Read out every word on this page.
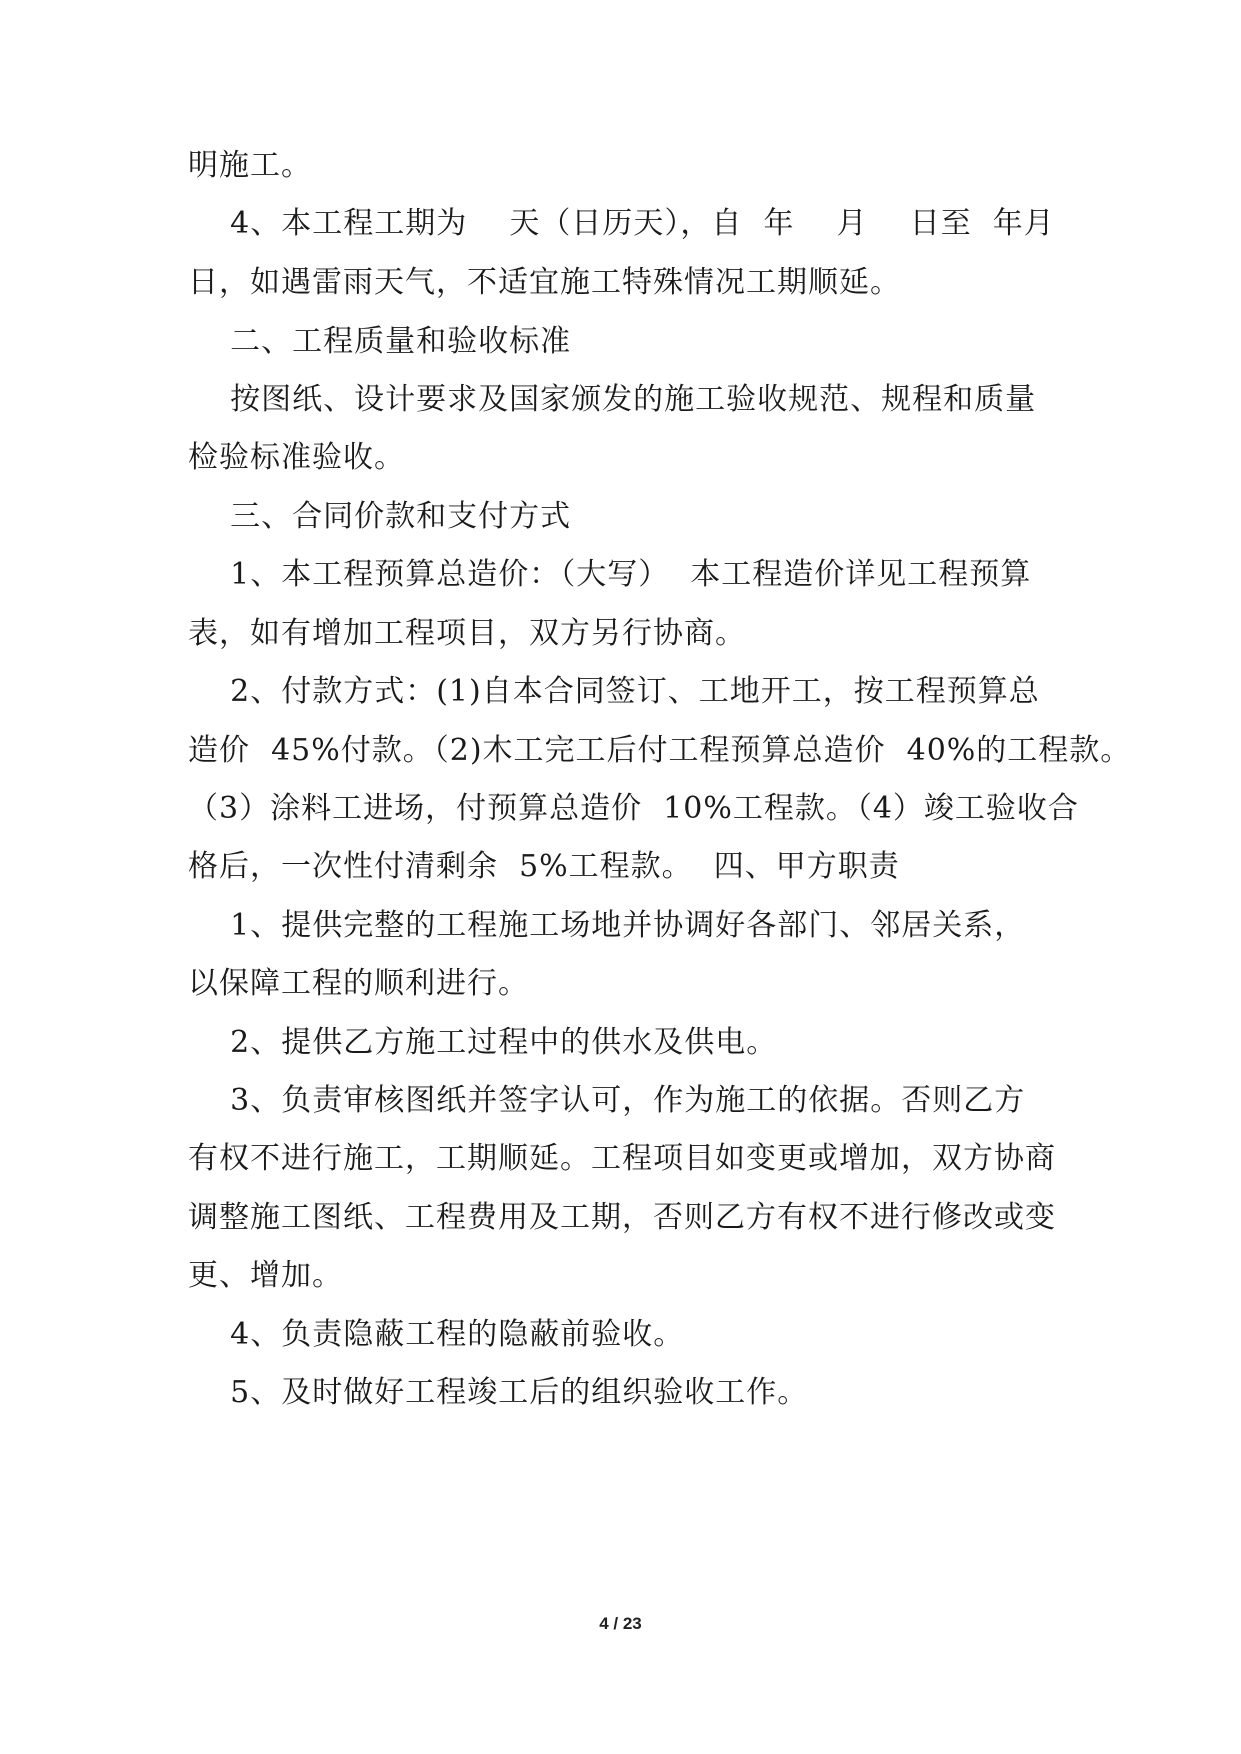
明施工。
4、本工程工期为    天（日历天），自  年    月    日至  年月
日，如遇雷雨天气，不适宜施工特殊情况工期顺延。
二、工程质量和验收标准
按图纸、设计要求及国家颁发的施工验收规范、规程和质量
检验标准验收。
三、合同价款和支付方式
1、本工程预算总造价：（大写）  本工程造价详见工程预算
表，如有增加工程项目，双方另行协商。
2、付款方式：(1)自本合同签订、工地开工，按工程预算总
造价  45%付款。（2)木工完工后付工程预算总造价  40%的工程款。
（3）涂料工进场，付预算总造价  10%工程款。（4）竣工验收合
格后，一次性付清剩余  5%工程款。  四、甲方职责
1、提供完整的工程施工场地并协调好各部门、邻居关系，
以保障工程的顺利进行。
2、提供乙方施工过程中的供水及供电。
3、负责审核图纸并签字认可，作为施工的依据。否则乙方
有权不进行施工，工期顺延。工程项目如变更或增加，双方协商
调整施工图纸、工程费用及工期，否则乙方有权不进行修改或变
更、增加。
4、负责隐蔽工程的隐蔽前验收。
5、及时做好工程竣工后的组织验收工作。
4 / 23
